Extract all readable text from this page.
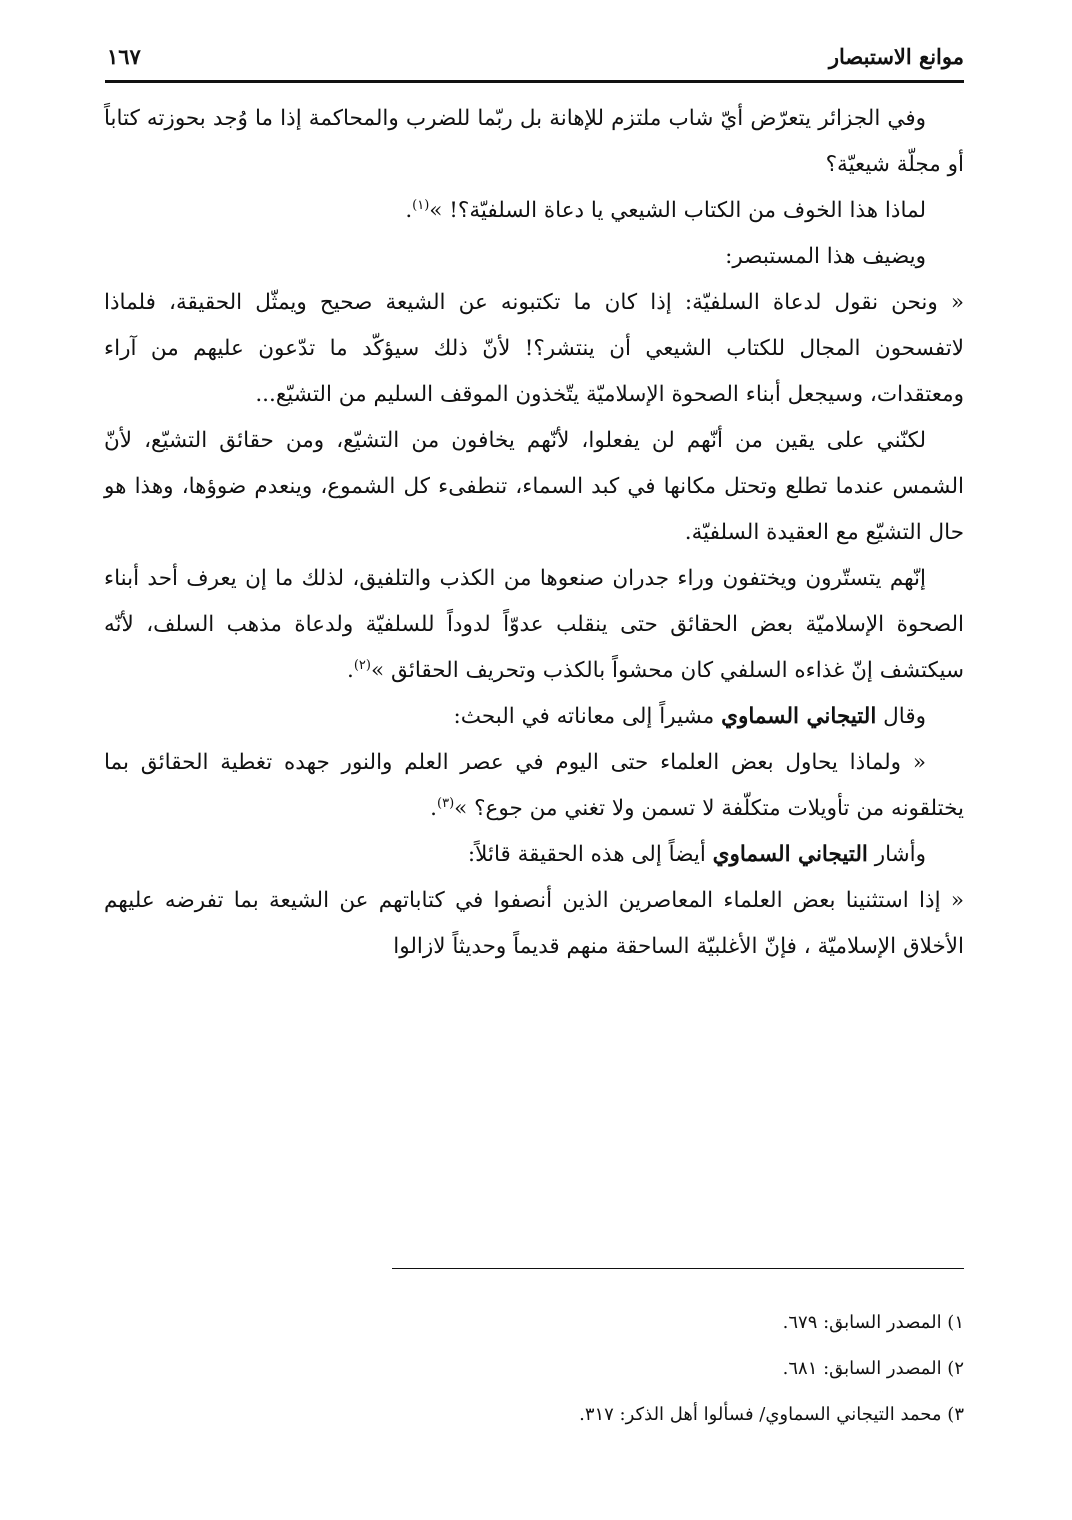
موانع الاستبصار
١٦٧

وفي الجزائر يتعرّض أيّ شاب ملتزم للإهانة بل ربّما للضرب والمحاكمة إذا ما وُجد بحوزته كتاباً أو مجلّة شيعيّة؟

لماذا هذا الخوف من الكتاب الشيعي يا دعاة السلفيّة؟! »$^{(١)}$.

ويضيف هذا المستبصر:

« ونحن نقول لدعاة السلفيّة: إذا كان ما تكتبونه عن الشيعة صحيح ويمثّل الحقيقة، فلماذا لاتفسحون المجال للكتاب الشيعي أن ينتشر؟! لأنّ ذلك سيؤكّد ما تدّعون عليهم من آراء ومعتقدات، وسيجعل أبناء الصحوة الإسلاميّة يتّخذون الموقف السليم من التشيّع...

لكنّني على يقين من أنّهم لن يفعلوا، لأنّهم يخافون من التشيّع، ومن حقائق التشيّع، لأنّ الشمس عندما تطلع وتحتل مكانها في كبد السماء، تنطفىء كل الشموع، وينعدم ضوؤها، وهذا هو حال التشيّع مع العقيدة السلفيّة.

إنّهم يتستّرون ويختفون وراء جدران صنعوها من الكذب والتلفيق، لذلك ما إن يعرف أحد أبناء الصحوة الإسلاميّة بعض الحقائق حتى ينقلب عدوّاً لدوداً للسلفيّة ولدعاة مذهب السلف، لأنّه سيكتشف إنّ غذاءه السلفي كان محشواً بالكذب وتحريف الحقائق »$^{(٢)}$.

وقال التيجاني السماوي مشيراً إلى معاناته في البحث:

« ولماذا يحاول بعض العلماء حتى اليوم في عصر العلم والنور جهده تغطية الحقائق بما يختلقونه من تأويلات متكلّفة لا تسمن ولا تغني من جوع؟ »$^{(٣)}$.

وأشار التيجاني السماوي أيضاً إلى هذه الحقيقة قائلاً:

« إذا استثنينا بعض العلماء المعاصرين الذين أنصفوا في كتاباتهم عن الشيعة بما تفرضه عليهم الأخلاق الإسلاميّة ، فإنّ الأغلبيّة الساحقة منهم قديماً وحديثاً لازالوا

١) المصدر السابق: ٦٧٩.
٢) المصدر السابق: ٦٨١.
٣) محمد التيجاني السماوي/ فسألوا أهل الذكر: ٣١٧.
